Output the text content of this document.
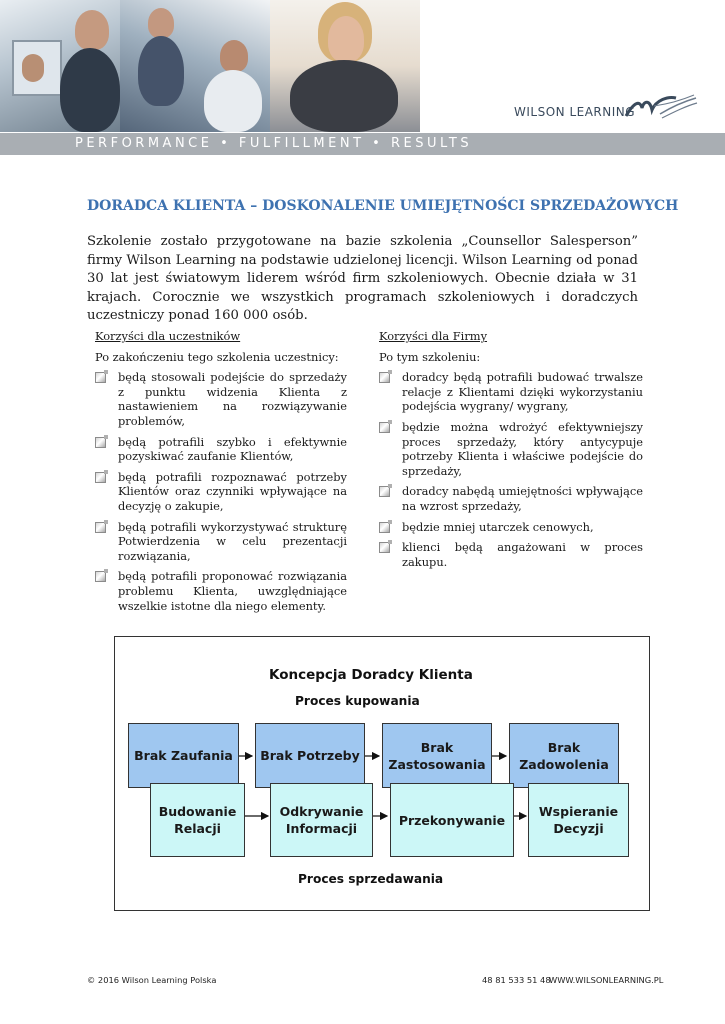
WILSON LEARNING
PERFORMANCE • FULFILLMENT • RESULTS
DORADCA KLIENTA – DOSKONALENIE UMIEJĘTNOŚCI SPRZEDAŻOWYCH
Szkolenie zostało przygotowane na bazie szkolenia „Counsellor Salesperson” firmy Wilson Learning na podstawie udzielonej licencji. Wilson Learning od ponad 30 lat jest światowym liderem wśród firm szkoleniowych. Obecnie działa w 31 krajach. Corocznie we wszystkich programach szkoleniowych i doradczych uczestniczy ponad 160 000 osób.
Korzyści dla uczestników
Po zakończeniu tego szkolenia uczestnicy:
będą stosowali podejście do sprzedaży z punktu widzenia Klienta z nastawieniem na rozwiązywanie problemów,
będą potrafili szybko i efektywnie pozyskiwać zaufanie Klientów,
będą potrafili rozpoznawać potrzeby Klientów oraz czynniki wpływające na decyzję o zakupie,
będą potrafili wykorzystywać strukturę Potwierdzenia w celu prezentacji rozwiązania,
będą potrafili proponować rozwiązania problemu Klienta, uwzględniające wszelkie istotne dla niego elementy.
Korzyści dla Firmy
Po tym szkoleniu:
doradcy będą potrafili budować trwalsze relacje z Klientami dzięki wykorzystaniu podejścia wygrany/ wygrany,
będzie można wdrożyć efektywniejszy proces sprzedaży, który antycypuje potrzeby Klienta i właściwe podejście do sprzedaży,
doradcy nabędą umiejętności wpływające na wzrost sprzedaży,
będzie mniej utarczek cenowych,
klienci będą angażowani w proces zakupu.
Koncepcja Doradcy Klienta
Proces kupowania
Brak Zaufania Brak Potrzeby
Brak
Zastosowania
Brak
Zadowolenia
Budowanie
Relacji
Odkrywanie
Informacji
Przekonywanie
Wspieranie
Decyzji
Proces sprzedawania
© 2016 Wilson Learning Polska	48 81 533 51 48
WWW.WILSONLEARNING.PL
